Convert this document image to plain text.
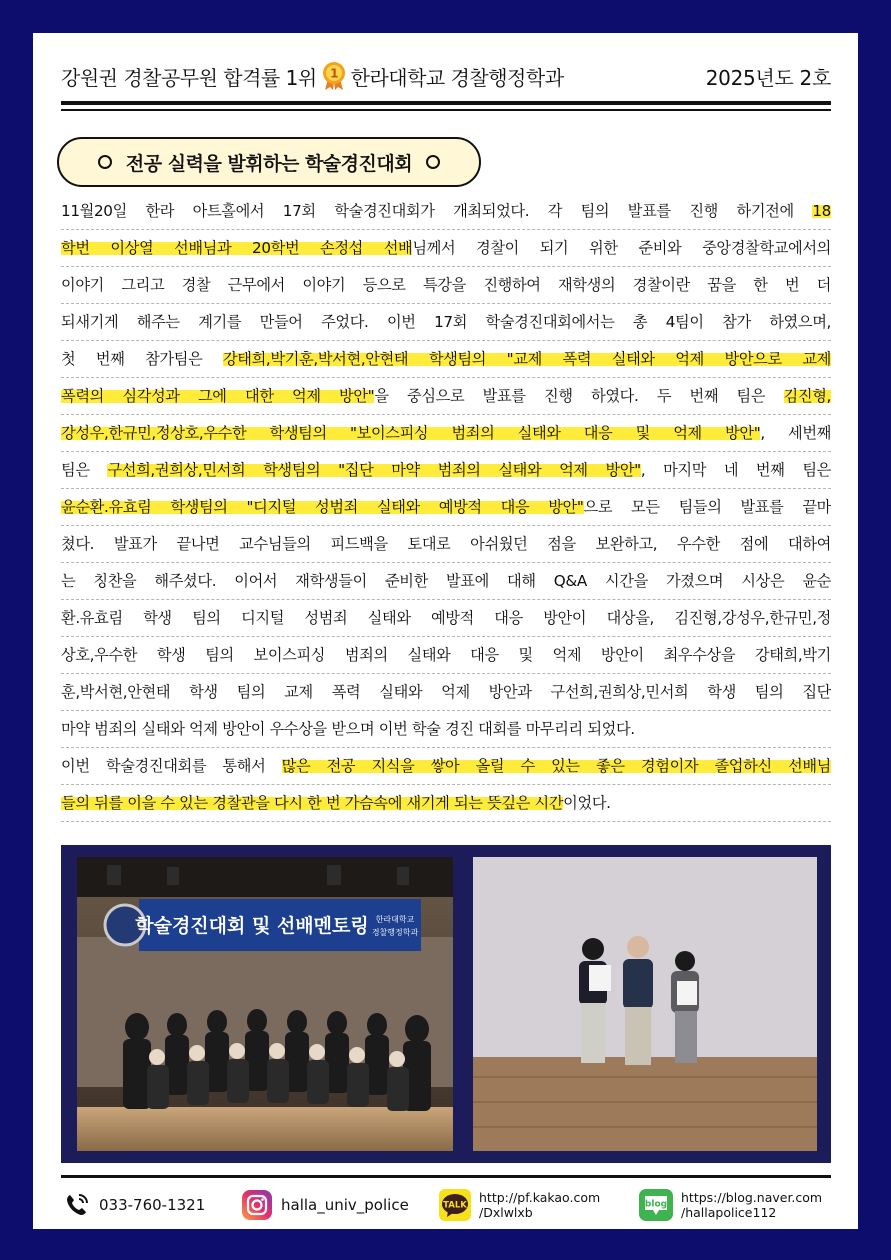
강원권 경찰공무원 합격률 1위 1 한라대학교 경찰행정학과	2025년도 2호
전공 실력을 발휘하는 학술경진대회
11월20일 한라 아트홀에서 17회 학술경진대회가 개최되었다. 각 팀의 발표를 진행 하기전에 18
학번 이상열 선배님과 20학번 손정섭 선배님께서 경찰이 되기 위한 준비와 중앙경찰학교에서의
이야기 그리고 경찰 근무에서 이야기 등으로 특강을 진행하여 재학생의 경찰이란 꿈을 한 번 더
되새기게 해주는 계기를 만들어 주었다. 이번 17회 학술경진대회에서는 총 4팀이 참가 하였으며,
첫 번째 참가팀은 강태희,박기훈,박서현,안현태 학생팀의 "교제 폭력 실태와 억제 방안으로 교제
폭력의 심각성과 그에 대한 억제 방안"을 중심으로 발표를 진행 하였다. 두 번째 팀은 김진형,
강성우,한규민,정상호,우수한 학생팀의 "보이스피싱 범죄의 실태와 대응 및 억제 방안", 세번째
팀은 구선희,권희상,민서희 학생팀의 "집단 마약 범죄의 실태와 억제 방안", 마지막 네 번째 팀은
윤순환.유효림 학생팀의 "디지털 성범죄 실태와 예방적 대응 방안"으로 모든 팀들의 발표를 끝마
쳤다. 발표가 끝나면 교수님들의 피드백을 토대로 아쉬웠던 점을 보완하고, 우수한 점에 대하여
는 칭찬을 해주셨다. 이어서 재학생들이 준비한 발표에 대해 Q&A 시간을 가졌으며 시상은 윤순
환.유효림 학생 팀의 디지털 성범죄 실태와 예방적 대응 방안이 대상을, 김진형,강성우,한규민,정
상호,우수한 학생 팀의 보이스피싱 범죄의 실태와 대응 및 억제 방안이 최우수상을 강태희,박기
훈,박서현,안현태 학생 팀의 교제 폭력 실태와 억제 방안과 구선희,권희상,민서희 학생 팀의 집단
마약 범죄의 실태와 억제 방안이 우수상을 받으며 이번 학술 경진 대회를 마무리리 되었다.
이번 학술경진대회를 통해서 많은 전공 지식을 쌓아 올릴 수 있는 좋은 경험이자 졸업하신 선배님
들의 뒤를 이을 수 있는 경찰관을 다시 한 번 가슴속에 새기게 되는 뜻깊은 시간이었다.
학술경진대회 및 선배멘토링 한라대학교
경찰행정학과
033-760-1321	halla_univ_police	TALK
http://pf.kakao.com
/Dxlwlxb
blog https://blog.naver.com
/hallapolice112
